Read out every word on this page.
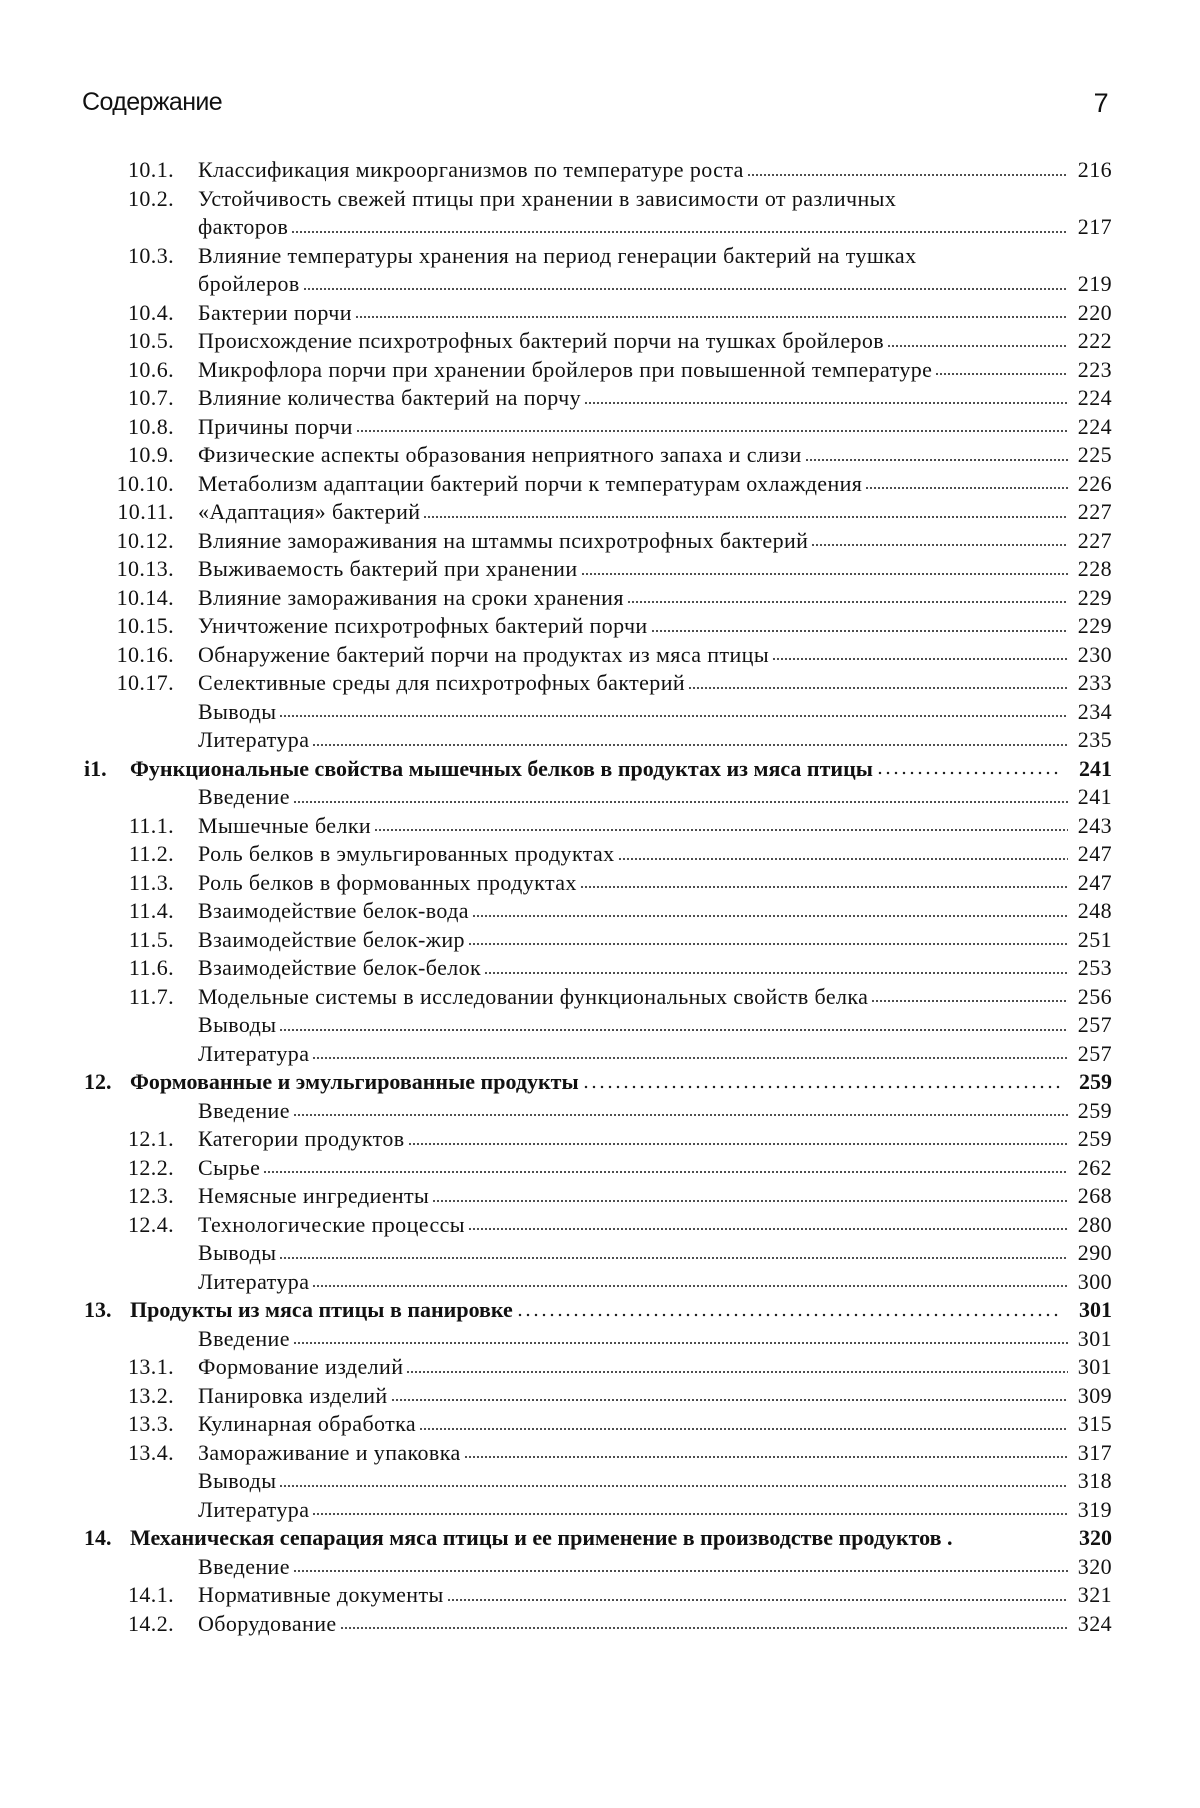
Содержание	7
10.1. Классификация микроорганизмов по температуре роста	216
10.2. Устойчивость свежей птицы при хранении в зависимости от различных
факторов	217
10.3. Влияние температуры хранения на период генерации бактерий на тушках
бройлеров	219
10.4. Бактерии порчи	220
10.5. Происхождение психротрофных бактерий порчи на тушках бройлеров	222
10.6. Микрофлора порчи при хранении бройлеров при повышенной температуре	223
10.7. Влияние количества бактерий на порчу	224
10.8. Причины порчи	224
10.9. Физические аспекты образования неприятного запаха и слизи	225
10.10. Метаболизм адаптации бактерий порчи к температурам охлаждения	226
10.11. «Адаптация» бактерий	227
10.12. Влияние замораживания на штаммы психротрофных бактерий	227
10.13. Выживаемость бактерий при хранении	228
10.14. Влияние замораживания на сроки хранения	229
10.15. Уничтожение психротрофных бактерий порчи	229
10.16. Обнаружение бактерий порчи на продуктах из мяса птицы	230
10.17. Селективные среды для психротрофных бактерий	233
Выводы	234
Литература	235
i1. Функциональные свойства мышечных белков в продуктах из мяса птицы	241
Введение	241
11.1. Мышечные белки	243
11.2. Роль белков в эмульгированных продуктах	247
11.3. Роль белков в формованных продуктах	247
11.4. Взаимодействие белок-вода	248
11.5. Взаимодействие белок-жир	251
11.6. Взаимодействие белок-белок	253
11.7. Модельные системы в исследовании функциональных свойств белка	256
Выводы	257
Литература	257
12. Формованные и эмульгированные продукты	259
Введение	259
12.1. Категории продуктов	259
12.2. Сырье	262
12.3. Немясные ингредиенты	268
12.4. Технологические процессы	280
Выводы	290
Литература	300
13. Продукты из мяса птицы в панировке	301
Введение	301
13.1. Формование изделий	301
13.2. Панировка изделий	309
13.3. Кулинарная обработка	315
13.4. Замораживание и упаковка	317
Выводы	318
Литература	319
14. Механическая сепарация мяса птицы и ее применение в производстве продуктов .	320
Введение	320
14.1. Нормативные документы	321
14.2. Оборудование	324
